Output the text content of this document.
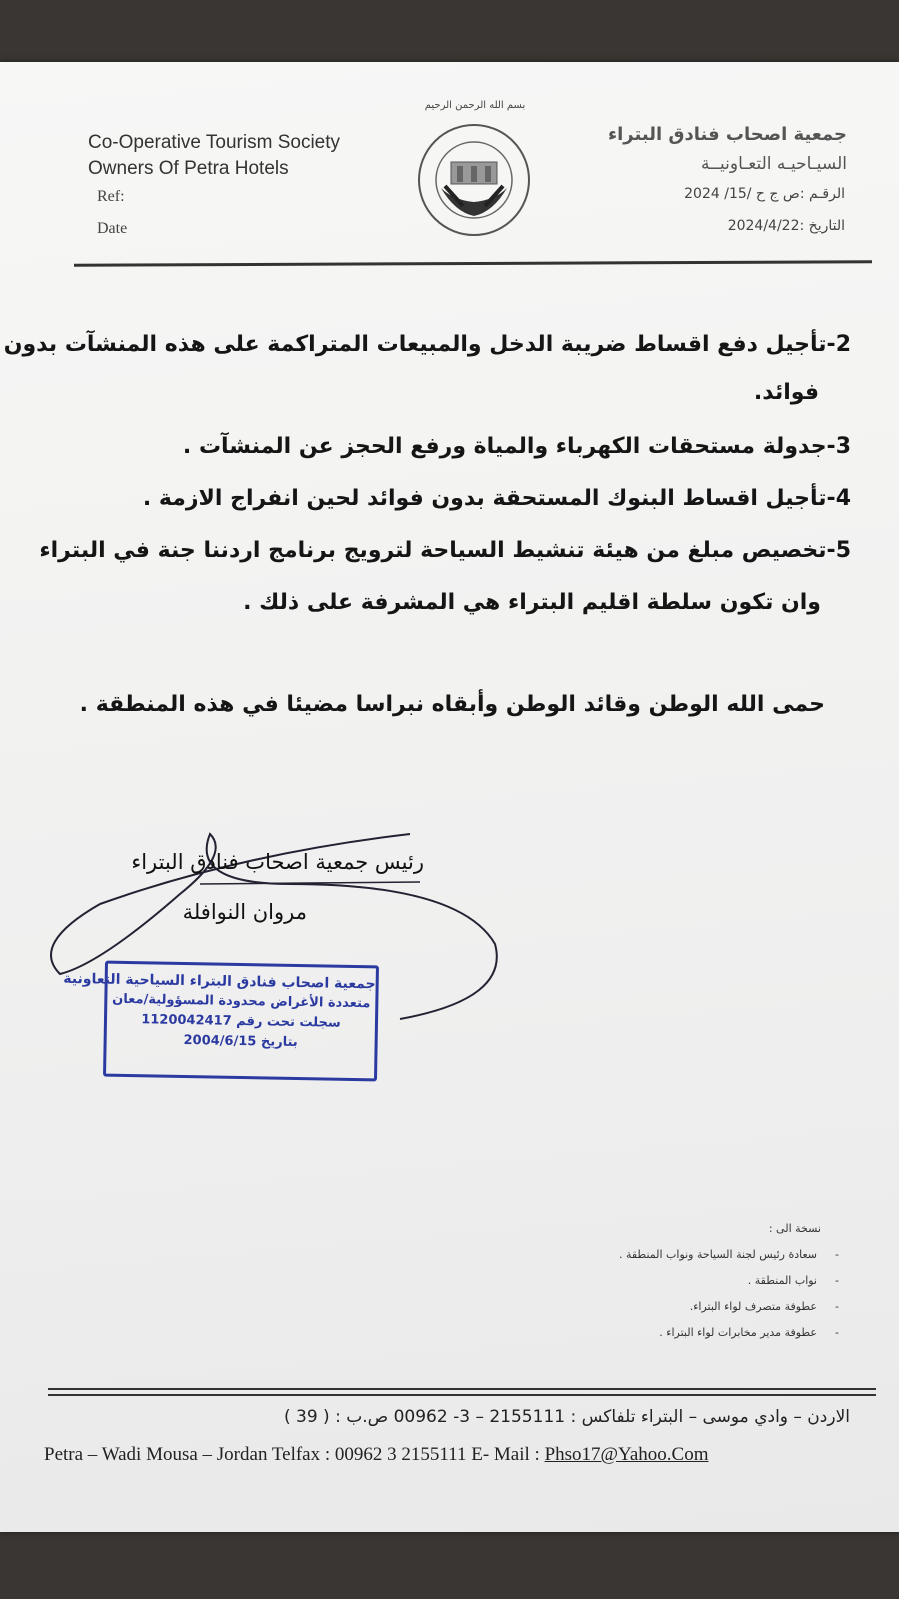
Co-Operative Tourism Society
Owners Of Petra Hotels
Ref:
Date
بسم الله الرحمن الرحيم
جمعية اصحاب فنادق البتراء
السيـاحيـه التعـاونيــة
الرقـم :ص ج ح /15/ 2024
التاريخ :2024/4/22
2-تأجيل دفع اقساط ضريبة الدخل والمبيعات المتراكمة على هذه المنشآت بدون
فوائد.
3-جدولة مستحقات الكهرباء والمياة ورفع الحجز عن المنشآت .
4-تأجيل اقساط البنوك المستحقة بدون فوائد لحين انفراج الازمة .
5-تخصيص مبلغ من هيئة تنشيط السياحة لترويج برنامج اردننا جنة في البتراء
وان تكون سلطة اقليم البتراء هي المشرفة على ذلك .
حمى الله الوطن وقائد الوطن وأبقاه نبراسا مضيئا في هذه المنطقة .
رئيس جمعية اصحاب فنادق البتراء
مروان النوافلة
جمعية اصحاب فنادق البتراء السياحية التعاونية
متعددة الأغراض محدودة المسؤولية/معان
سجلت تحت رقم 1120042417
بتاريخ 2004/6/15
نسخة الى :
- سعادة رئيس لجنة السياحة ونواب المنطقة .
- نواب المنطقة .
- عطوفة متصرف لواء البتراء.
- عطوفة مدير مخابرات لواء البتراء .
الاردن – وادي موسى – البتراء تلفاكس : 2155111 – 3- 00962 ص.ب : ( 39 )
Petra – Wadi Mousa – Jordan Telfax : 00962 3 2155111 E- Mail : Phso17@Yahoo.Com
